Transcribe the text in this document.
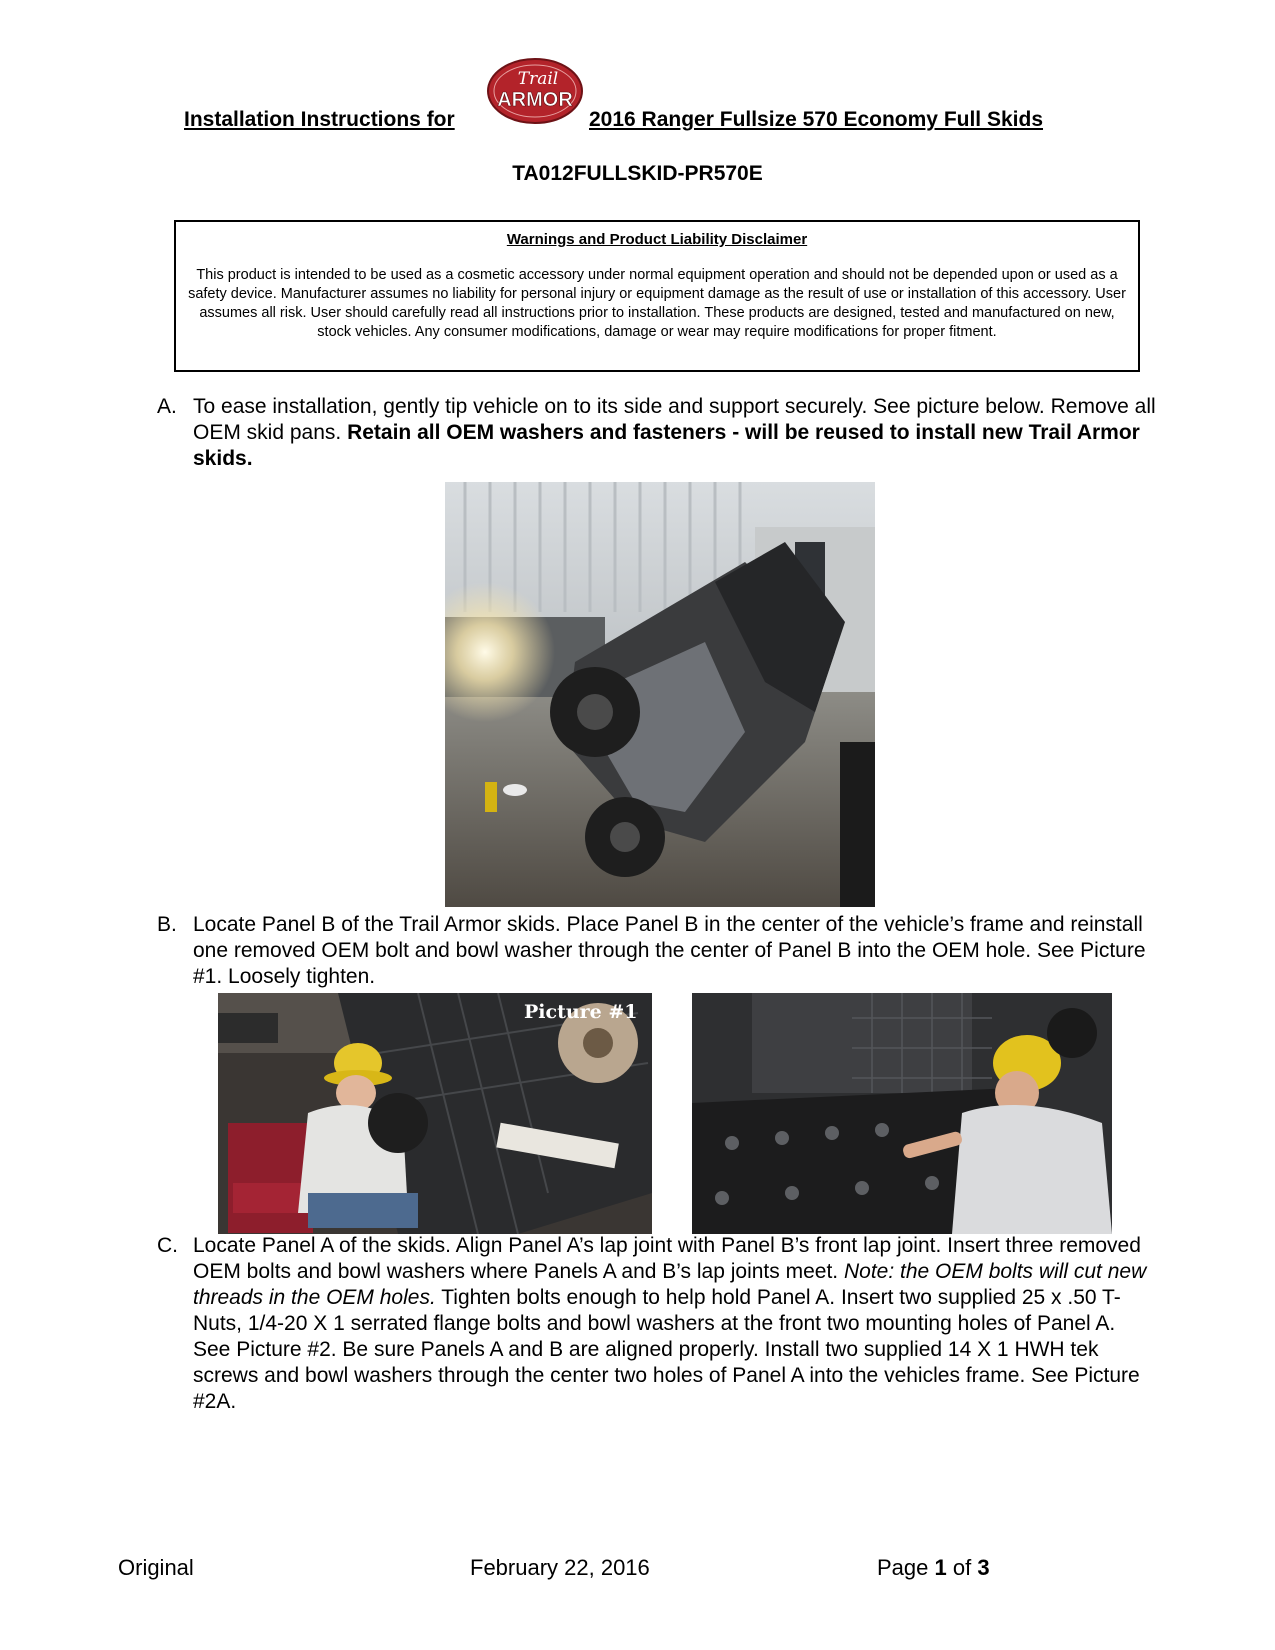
Installation Instructions for
Trail
ARMOR
2016 Ranger Fullsize 570 Economy Full Skids
TA012FULLSKID-PR570E
Warnings and Product Liability Disclaimer
This product is intended to be used as a cosmetic accessory under normal equipment operation and should not be depended upon or used as a safety device. Manufacturer assumes no liability for personal injury or equipment damage as the result of use or installation of this accessory. User assumes all risk. User should carefully read all instructions prior to installation. These products are designed, tested and manufactured on new, stock vehicles. Any consumer modifications, damage or wear may require modifications for proper fitment.
A. To ease installation, gently tip vehicle on to its side and support securely. See picture below. Remove all OEM skid pans. Retain all OEM washers and fasteners - will be reused to install new Trail Armor skids.
B. Locate Panel B of the Trail Armor skids. Place Panel B in the center of the vehicle’s frame and reinstall one removed OEM bolt and bowl washer through the center of Panel B into the OEM hole. See Picture #1. Loosely tighten.
Picture #1
C. Locate Panel A of the skids. Align Panel A’s lap joint with Panel B’s front lap joint. Insert three removed OEM bolts and bowl washers where Panels A and B’s lap joints meet. Note: the OEM bolts will cut new threads in the OEM holes. Tighten bolts enough to help hold Panel A. Insert two supplied 25 x .50 T-Nuts, 1/4-20 X 1 serrated flange bolts and bowl washers at the front two mounting holes of Panel A. See Picture #2. Be sure Panels A and B are aligned properly. Install two supplied 14 X 1 HWH tek screws and bowl washers through the center two holes of Panel A into the vehicles frame. See Picture #2A.
Original	February 22, 2016	Page 1 of 3
